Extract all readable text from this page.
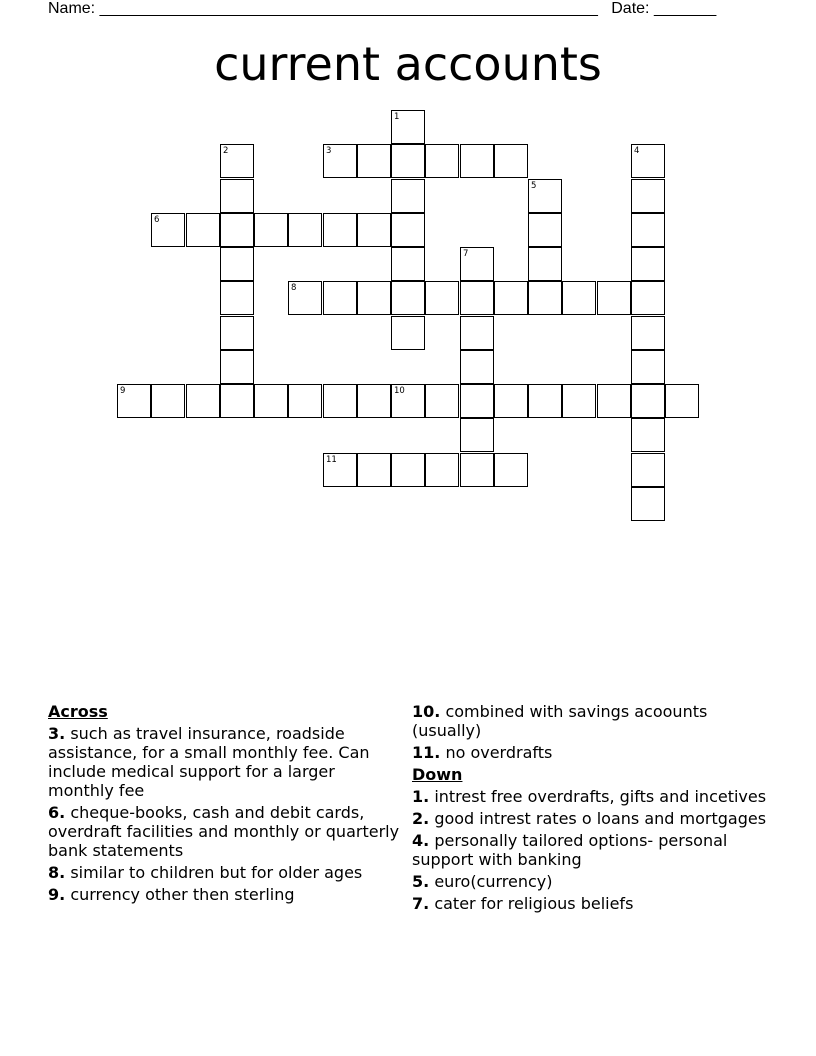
Name: ________________________________________________________ Date: _______
current accounts
1
2	3	4
5
6
7
8
9	10
11
Across
3. such as travel insurance, roadside assistance, for a small monthly fee. Can include medical support for a larger monthly fee
6. cheque-books, cash and debit cards, overdraft facilities and monthly or quarterly bank statements
8. similar to children but for older ages
9. currency other then sterling
10. combined with savings acoounts (usually)
11. no overdrafts
Down
1. intrest free overdrafts, gifts and incetives
2. good intrest rates o loans and mortgages
4. personally tailored options- personal support with banking
5. euro(currency)
7. cater for religious beliefs
